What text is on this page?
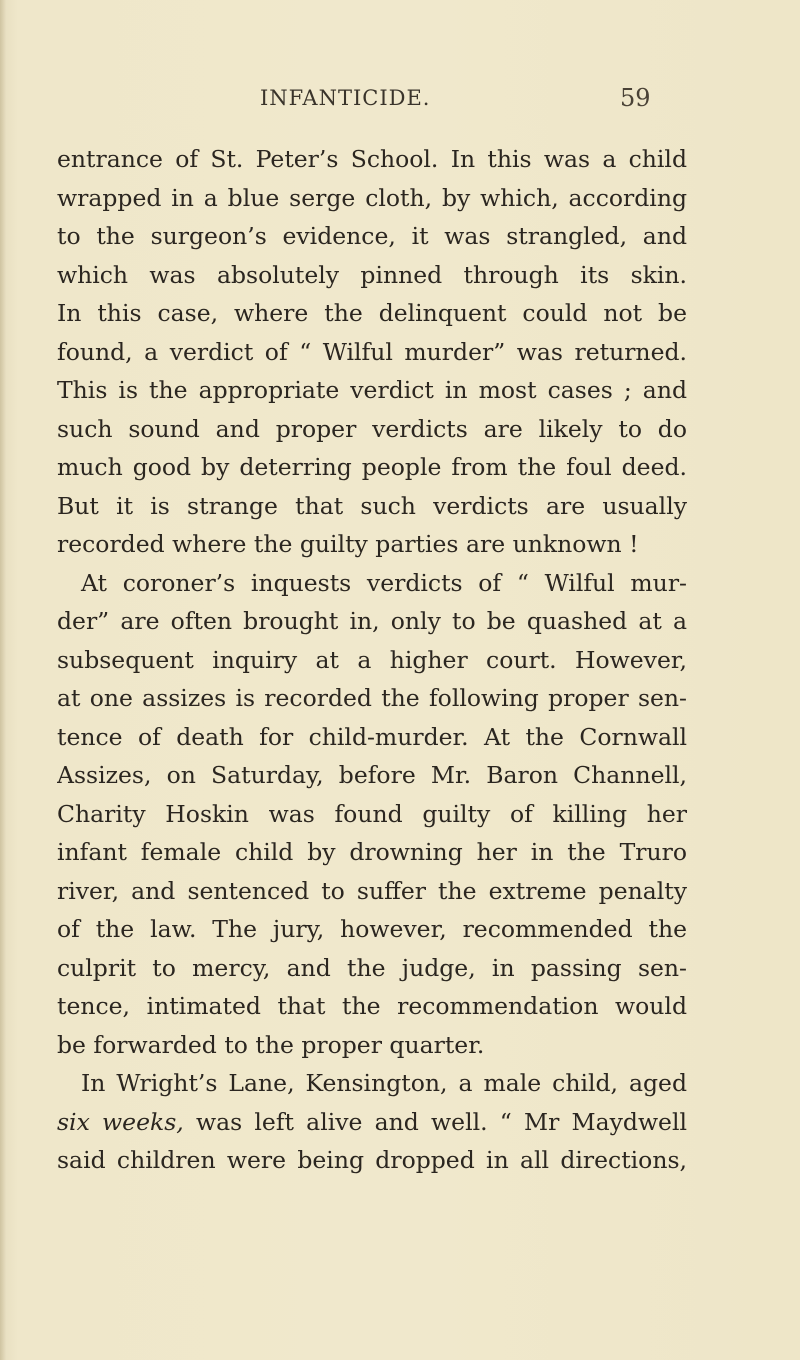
INFANTICIDE.	59
entrance of St. Peter’s School. In this was a child
wrapped in a blue serge cloth, by which, according
to the surgeon’s evidence, it was strangled, and
which was absolutely pinned through its skin.
In this case, where the delinquent could not be
found, a verdict of “ Wilful murder” was returned.
This is the appropriate verdict in most cases ; and
such sound and proper verdicts are likely to do
much good by deterring people from the foul deed.
But it is strange that such verdicts are usually
recorded where the guilty parties are unknown !
At coroner’s inquests verdicts of “ Wilful mur-
der” are often brought in, only to be quashed at a
subsequent inquiry at a higher court. However,
at one assizes is recorded the following proper sen-
tence of death for child-murder. At the Cornwall
Assizes, on Saturday, before Mr. Baron Channell,
Charity Hoskin was found guilty of killing her
infant female child by drowning her in the Truro
river, and sentenced to suffer the extreme penalty
of the law. The jury, however, recommended the
culprit to mercy, and the judge, in passing sen-
tence, intimated that the recommendation would
be forwarded to the proper quarter.
In Wright’s Lane, Kensington, a male child, aged
six weeks, was left alive and well. “ Mr Maydwell
said children were being dropped in all directions,
